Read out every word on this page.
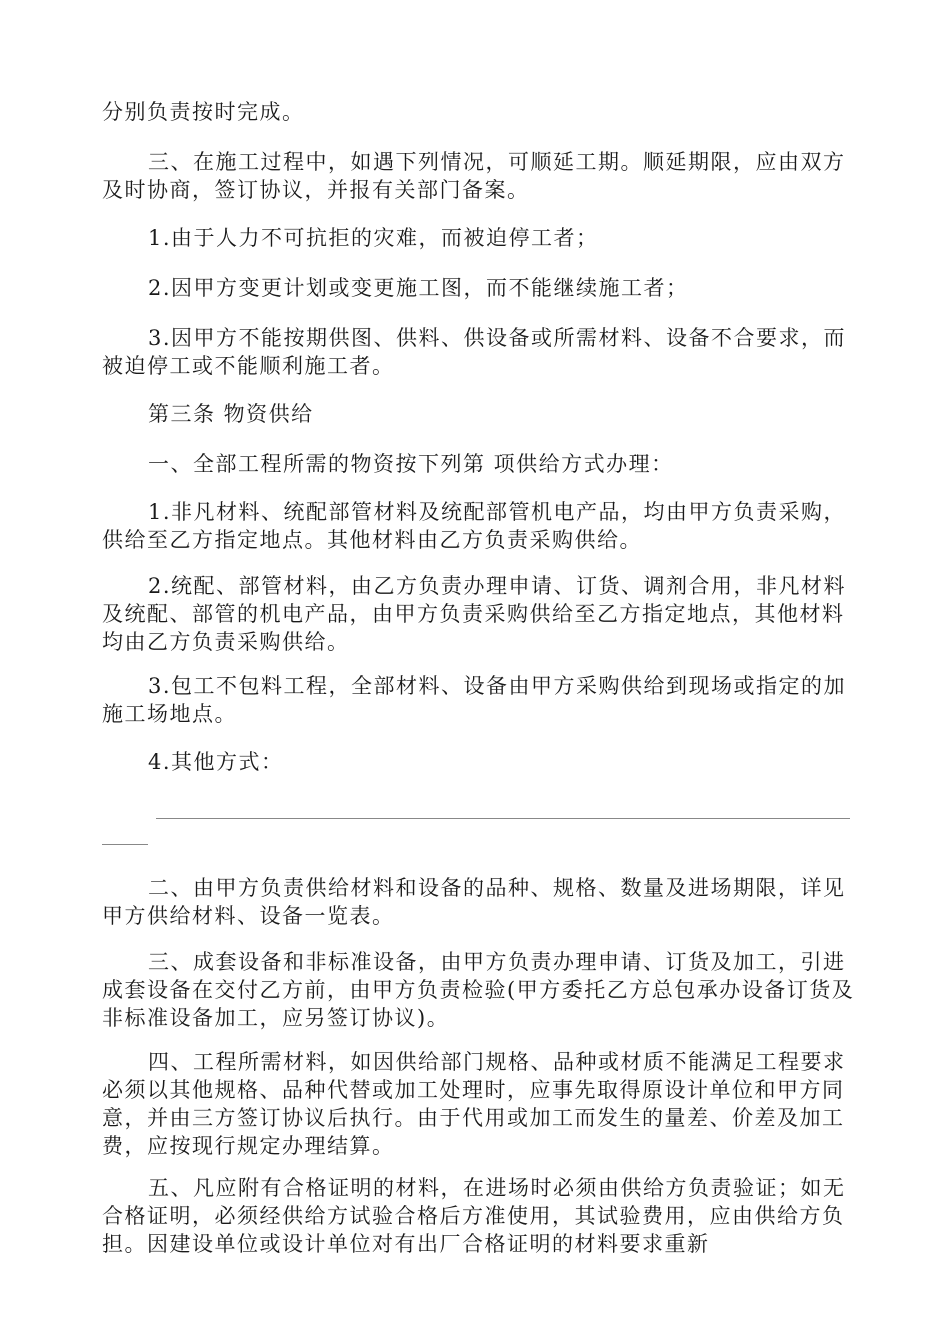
分别负责按时完成。
三、在施工过程中，如遇下列情况，可顺延工期。顺延期限，应由双方及时协商，签订协议，并报有关部门备案。
1.由于人力不可抗拒的灾难，而被迫停工者；
2.因甲方变更计划或变更施工图，而不能继续施工者；
3.因甲方不能按期供图、供料、供设备或所需材料、设备不合要求，而被迫停工或不能顺利施工者。
第三条 物资供给
一、全部工程所需的物资按下列第 项供给方式办理：
1.非凡材料、统配部管材料及统配部管机电产品，均由甲方负责采购，供给至乙方指定地点。其他材料由乙方负责采购供给。
2.统配、部管材料，由乙方负责办理申请、订货、调剂合用，非凡材料及统配、部管的机电产品，由甲方负责采购供给至乙方指定地点，其他材料均由乙方负责采购供给。
3.包工不包料工程，全部材料、设备由甲方采购供给到现场或指定的加施工场地点。
4.其他方式：
二、由甲方负责供给材料和设备的品种、规格、数量及进场期限，详见甲方供给材料、设备一览表。
三、成套设备和非标准设备，由甲方负责办理申请、订货及加工，引进成套设备在交付乙方前，由甲方负责检验(甲方委托乙方总包承办设备订货及非标准设备加工，应另签订协议)。
四、工程所需材料，如因供给部门规格、品种或材质不能满足工程要求必须以其他规格、品种代替或加工处理时，应事先取得原设计单位和甲方同意，并由三方签订协议后执行。由于代用或加工而发生的量差、价差及加工费，应按现行规定办理结算。
五、凡应附有合格证明的材料，在进场时必须由供给方负责验证；如无合格证明，必须经供给方试验合格后方准使用，其试验费用，应由供给方负担。因建设单位或设计单位对有出厂合格证明的材料要求重新
